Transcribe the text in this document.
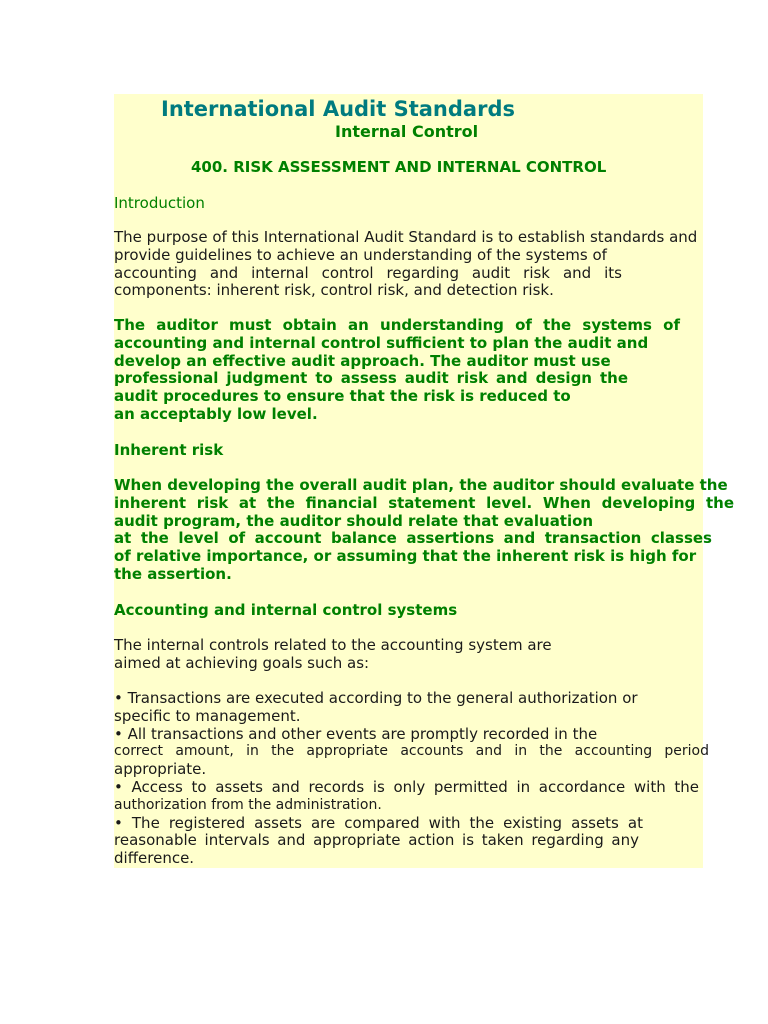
International Audit Standards
Internal Control
400. RISK ASSESSMENT AND INTERNAL CONTROL
Introduction
The purpose of this International Audit Standard is to establish standards and
provide guidelines to achieve an understanding of the systems of
accounting and internal control regarding audit risk and its
components: inherent risk, control risk, and detection risk.
The auditor must obtain an understanding of the systems of
accounting and internal control sufficient to plan the audit and
develop an effective audit approach. The auditor must use
professional judgment to assess audit risk and design the
audit procedures to ensure that the risk is reduced to
an acceptably low level.
Inherent risk
When developing the overall audit plan, the auditor should evaluate the
inherent risk at the financial statement level. When developing the
audit program, the auditor should relate that evaluation
at the level of account balance assertions and transaction classes
of relative importance, or assuming that the inherent risk is high for
the assertion.
Accounting and internal control systems
The internal controls related to the accounting system are
aimed at achieving goals such as:
• Transactions are executed according to the general authorization or
specific to management.
• All transactions and other events are promptly recorded in the
correct amount, in the appropriate accounts and in the accounting period
appropriate.
• Access to assets and records is only permitted in accordance with the
authorization from the administration.
• The registered assets are compared with the existing assets at
reasonable intervals and appropriate action is taken regarding any
difference.
